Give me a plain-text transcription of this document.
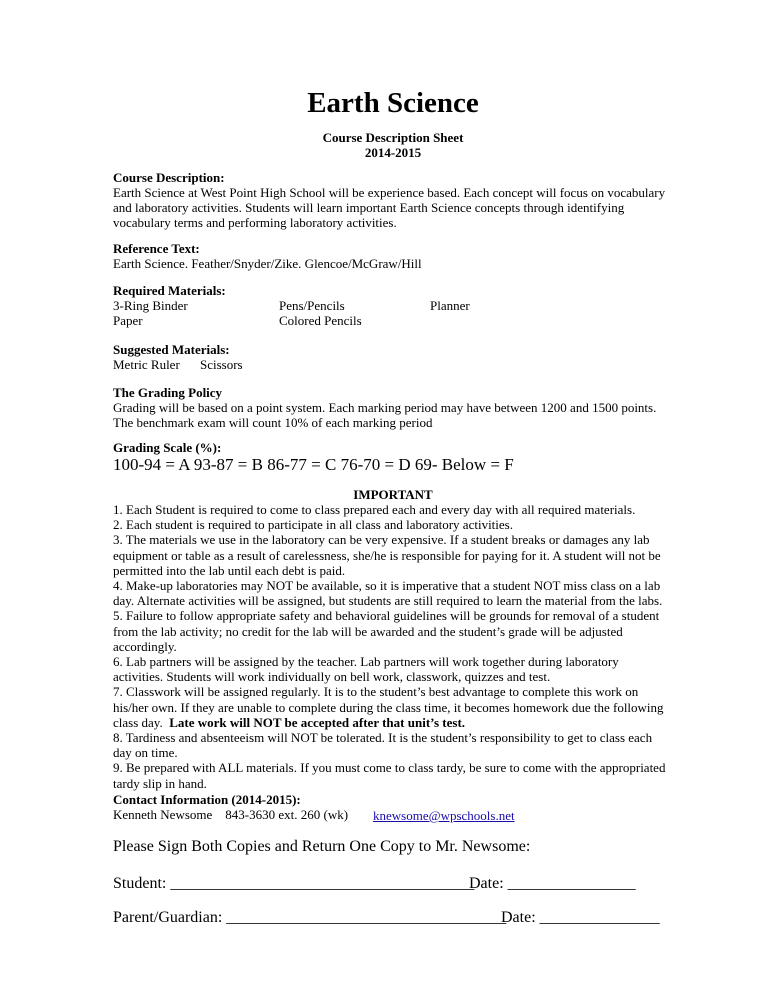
Earth Science
Course Description Sheet
2014-2015
Course Description:
Earth Science at West Point High School will be experience based. Each concept will focus on vocabulary
and laboratory activities. Students will learn important Earth Science concepts through identifying
vocabulary terms and performing laboratory activities.
Reference Text:
Earth Science. Feather/Snyder/Zike. Glencoe/McGraw/Hill
Required Materials:
3-Ring Binder
Paper
Pens/Pencils
Colored Pencils
Planner
Suggested Materials:
Metric Ruler Scissors
The Grading Policy
Grading will be based on a point system. Each marking period may have between 1200 and 1500 points.
The benchmark exam will count 10% of each marking period
Grading Scale (%):
100-94 = A 93-87 = B 86-77 = C 76-70 = D 69- Below = F
IMPORTANT
1. Each Student is required to come to class prepared each and every day with all required materials.
2. Each student is required to participate in all class and laboratory activities.
3. The materials we use in the laboratory can be very expensive. If a student breaks or damages any lab
equipment or table as a result of carelessness, she/he is responsible for paying for it. A student will not be
permitted into the lab until each debt is paid.
4. Make-up laboratories may NOT be available, so it is imperative that a student NOT miss class on a lab
day. Alternate activities will be assigned, but students are still required to learn the material from the labs.
5. Failure to follow appropriate safety and behavioral guidelines will be grounds for removal of a student
from the lab activity; no credit for the lab will be awarded and the student’s grade will be adjusted
accordingly.
6. Lab partners will be assigned by the teacher. Lab partners will work together during laboratory
activities. Students will work individually on bell work, classwork, quizzes and test.
7. Classwork will be assigned regularly. It is to the student’s best advantage to complete this work on
his/her own. If they are unable to complete during the class time, it becomes homework due the following
class day. Late work will NOT be accepted after that unit’s test.
8. Tardiness and absenteeism will NOT be tolerated. It is the student’s responsibility to get to class each
day on time.
9. Be prepared with ALL materials. If you must come to class tardy, be sure to come with the appropriated
tardy slip in hand.
Contact Information (2014-2015):
Kenneth Newsome    843-3630 ext. 260 (wk) knewsome@wpschools.net
Please Sign Both Copies and Return One Copy to Mr. Newsome:
Student: ______________________________________
Date: ________________
Parent/Guardian: ___________________________________
Date: _______________
